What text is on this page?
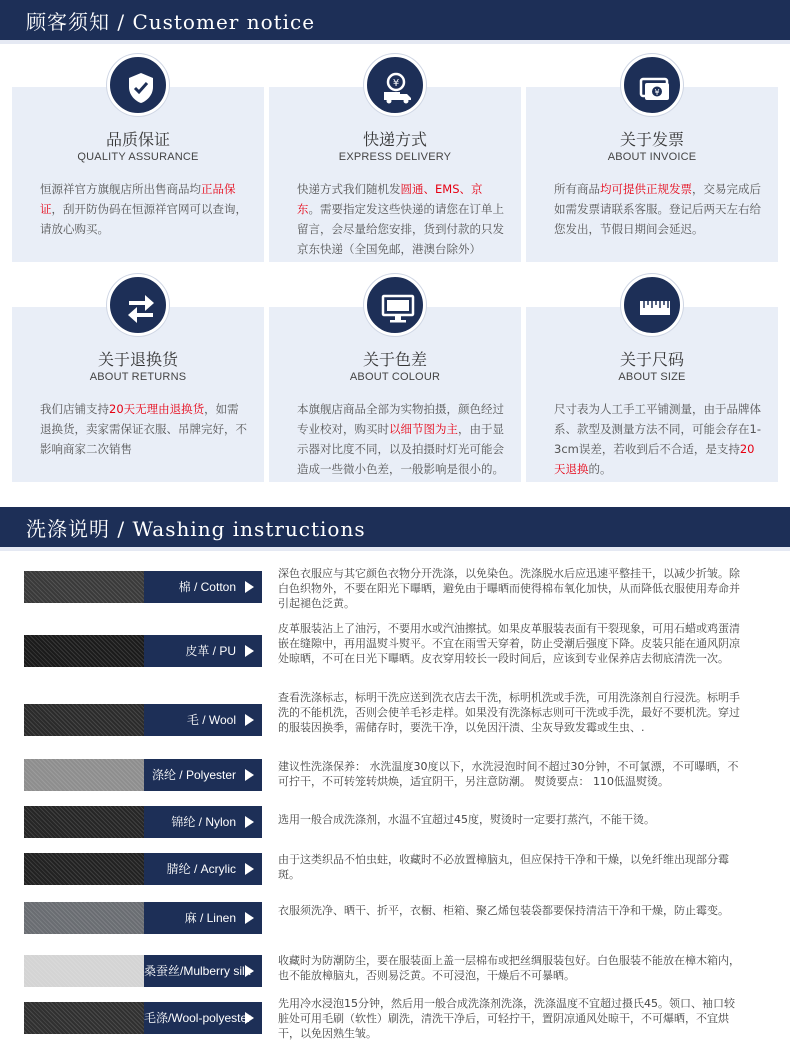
顾客须知 / Customer notice
品质保证
QUALITY ASSURANCE
恒源祥官方旗舰店所出售商品均正品保证，刮开防伪码在恒源祥官网可以查询，请放心购买。
快递方式
EXPRESS DELIVERY
快递方式我们随机发圆通、EMS、京东。需要指定发这些快递的请您在订单上留言，会尽量给您安排，货到付款的只发京东快递（全国免邮，港澳台除外）
¥
关于发票
ABOUT INVOICE
所有商品均可提供正规发票，交易完成后如需发票请联系客服。登记后两天左右给您发出，节假日期间会延迟。
¥
关于退换货
ABOUT RETURNS
我们店铺支持20天无理由退换货，如需退换货，卖家需保证衣服、吊牌完好，不影响商家二次销售
关于色差
ABOUT COLOUR
本旗舰店商品全部为实物拍摄，颜色经过专业校对，购买时以细节图为主，由于显示器对比度不同，以及拍摄时灯光可能会造成一些微小色差，一般影响是很小的。
关于尺码
ABOUT SIZE
尺寸表为人工手工平铺测量，由于品牌体系、款型及测量方法不同，可能会存在1-3cm误差，若收到后不合适，是支持20天退换的。
洗涤说明 / Washing instructions
棉 / Cotton
深色衣服应与其它颜色衣物分开洗涤，以免染色。洗涤脱水后应迅速平整挂干，以减少折皱。除白色织物外，不要在阳光下曝晒，避免由于曝晒而使得棉布氧化加快，从而降低衣服使用寿命并引起褪色泛黄。
皮革 / PU
皮革服装沾上了油污，不要用水或汽油擦拭。如果皮革服装表面有干裂现象，可用石蜡或鸡蛋清嵌在缝隙中，再用温熨斗熨平。不宜在雨雪天穿着，防止受潮后强度下降。皮装只能在通风阴凉处晾晒，不可在日光下曝晒。皮衣穿用较长一段时间后，应该到专业保养店去彻底清洗一次。
毛 / Wool
查看洗涤标志，标明干洗应送到洗衣店去干洗，标明机洗或手洗，可用洗涤剂自行浸洗。标明手洗的不能机洗，否则会使羊毛衫走样。如果没有洗涤标志则可干洗或手洗，最好不要机洗。穿过的服装因换季，需储存时，要洗干净，以免因汗渍、尘灰导致发霉或生虫、.
涤纶 / Polyester
建议性洗涤保养： 水洗温度30度以下，水洗浸泡时间不超过30分钟，不可氯漂，不可曝晒，不可拧干，不可转笼转烘焕，适宜阴干，另注意防潮。 熨烫要点： 110低温熨烫。
锦纶 / Nylon	选用一般合成洗涤剂，水温不宜超过45度，熨烫时一定要打蒸汽，不能干烫。
腈纶 / Acrylic
由于这类织品不怕虫蛀，收藏时不必放置樟脑丸，但应保持干净和干燥，以免纤维出现部分霉斑。
麻 / Linen
衣服须洗净、晒干、折平，衣橱、柜箱、聚乙烯包装袋都要保持清洁干净和干燥，防止霉变。
桑蚕丝/Mulberry silk
收藏时为防潮防尘，要在服装面上盖一层棉布或把丝绸服装包好。白色服装不能放在樟木箱内，也不能放樟脑丸，否则易泛黄。不可浸泡，干燥后不可暴晒。
毛涤/Wool-polyester
先用冷水浸泡15分钟，然后用一般合成洗涤剂洗涤，洗涤温度不宜超过摄氏45。领口、袖口较脏处可用毛刷（软性）刷洗，清洗干净后，可轻拧干，置阴凉通风处晾干，不可爆晒，不宜烘干，以免因熟生皱。
